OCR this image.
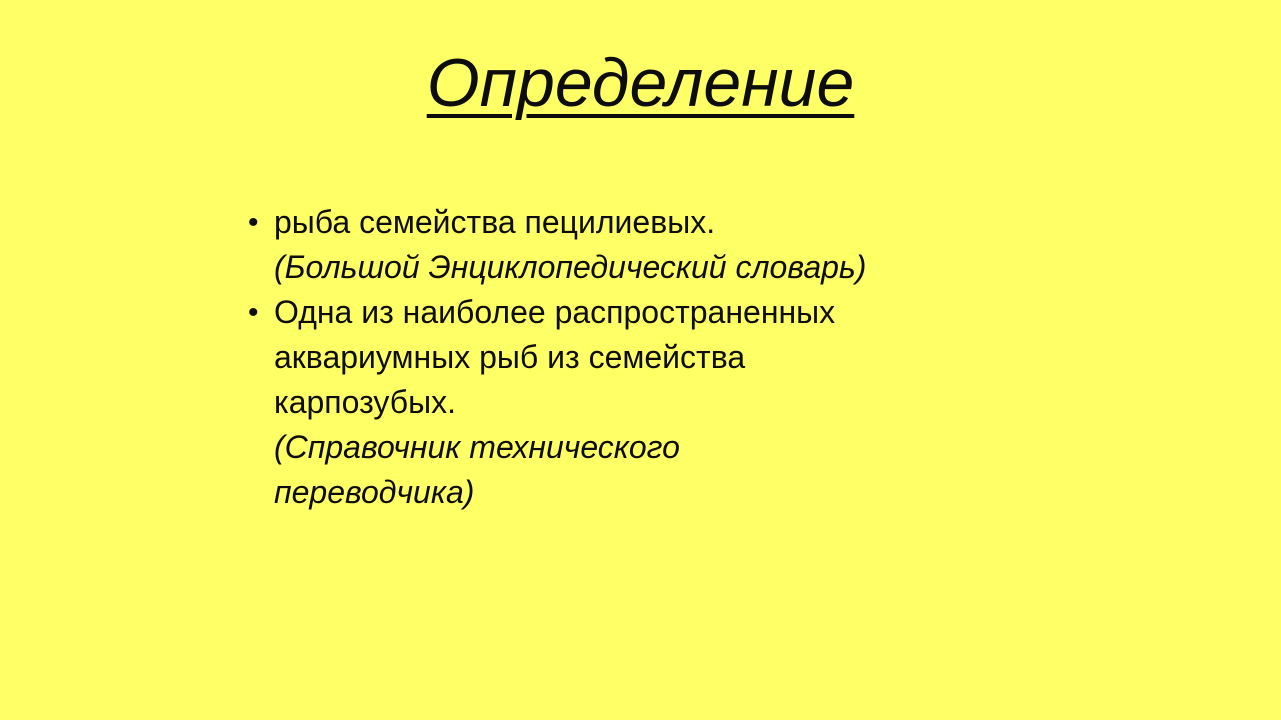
Определение
• рыба семейства пецилиевых.
(Большой Энциклопедический словарь)
• Одна из наиболее распространенных
аквариумных рыб из семейства
карпозубых.
(Справочник технического
переводчика)
